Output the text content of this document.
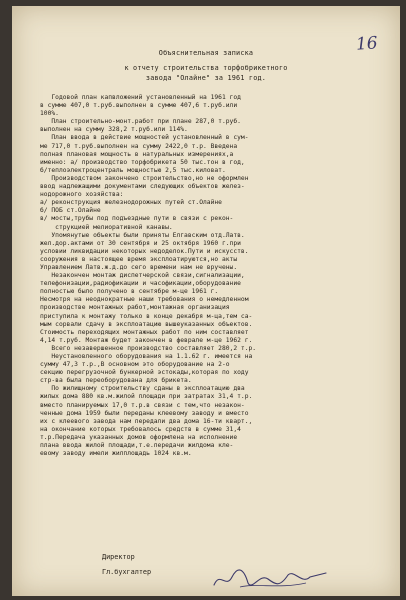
16
Объяснительная записка
к отчету строительства торфобрикетного
завода "Олайне" за 1961 год.
Годовой план капвложений установленный на 1961 год
в сумме 407,0 т.руб.выполнен в сумме 407,6 т.руб.или
100%.
План строительно-монт.работ при плане 287,0 т.руб.
выполнен на сумму 328,2 т.руб.или 114%.
План ввода в действие мощностей установленный в сум-
ме 717,0 т.руб.выполнен на сумму 2422,0 т.р. Введена
полная плановая мощность в натуральных измерениях,а
именно: а/ производство торфобрикета 50 тыс.тон в год,
б/теплоэлектроцентраль мощностью 2,5 тыс.киловат.
Производством закончено строительство,но не оформлен
ввод надлежащими документами следующих объектов желез-
нодорожного хозяйства:
а/ реконструкция железнодорожных путей ст.Олайне
б/ ПОБ ст.Олайне
в/ мосты,трубы под подъездные пути в связи с рекон-
струкцией мелиоративной канавы.
Упомянутые объекты были приняты Елгавским отд.Латв.
жел.дор.актами от 30 сентября и 25 октября 1960 г.при
условии ликвидации некоторых недоделок.Пути и искусств.
сооружения в настоящее время эксплоатируются,но акты
Управлением Латв.ж.д.до сего времени нам не вручены.
Незакончен монтаж диспетчерской связи,сигнализации,
телефонизации,радиофикации и часофикации,оборудование
полностью было получено в сентябре м-це 1961 г.
Несмотря на неоднократные наши требования о немедленном
производстве монтажных работ,монтажная организация
приступила к монтажу только в конце декабря м-ца,тем са-
мым сорвали сдачу в эксплоатацию вышеуказанных объектов.
Стоимость переходящих монтажных работ по ним составляет
4,14 т.руб. Монтаж будет закончен в феврале м-це 1962 г.
Всего незавершенное производство составляет 280,2 т.р.
Неустановленного оборудования на 1.1.62 г. имеется на
сумму 47,3 т.р.,В основном это оборудование на 2-о
секцию перегрузочной бункерной эстокады,которая по ходу
стр-ва была переоборудована для брикета.
По жилищному строительству сданы в эксплоатацию два
жилых дома 880 кв.м.жилой площади при затратах 31,4 т.р.
вместо планируемых 17,0 т.р.в связи с тем,что незакон-
ченные дома 1959 были переданы клеевому заводу и вместо
их с клеевого завода нам передали два дома 16-ти кварт.,
на окончание которых требовалось средств в сумме 31,4
т.р.Передача указанных домов оформлена на исполнение
плана ввода жилой площади,т.е.передачи жилдома кле-
евому заводу имели жилплощадь 1024 кв.м.
Директор
Гл.бухгалтер
